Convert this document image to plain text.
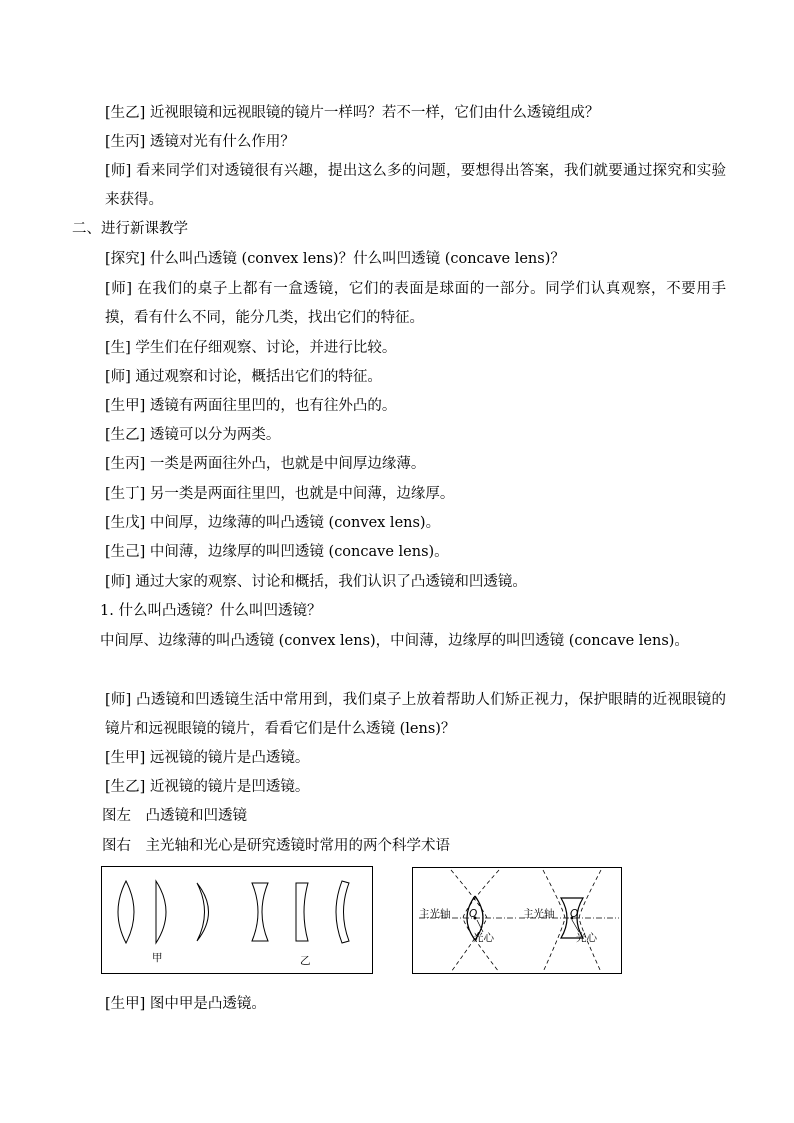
[生乙] 近视眼镜和远视眼镜的镜片一样吗？若不一样，它们由什么透镜组成？
[生丙] 透镜对光有什么作用？
[师] 看来同学们对透镜很有兴趣，提出这么多的问题，要想得出答案，我们就要通过探究和实验来获得。
二、进行新课教学
[探究] 什么叫凸透镜 (convex lens)？什么叫凹透镜 (concave lens)？
[师] 在我们的桌子上都有一盒透镜，它们的表面是球面的一部分。同学们认真观察，不要用手摸，看有什么不同，能分几类，找出它们的特征。
[生] 学生们在仔细观察、讨论，并进行比较。
[师] 通过观察和讨论，概括出它们的特征。
[生甲] 透镜有两面往里凹的，也有往外凸的。
[生乙] 透镜可以分为两类。
[生丙] 一类是两面往外凸，也就是中间厚边缘薄。
[生丁] 另一类是两面往里凹，也就是中间薄，边缘厚。
[生戊] 中间厚，边缘薄的叫凸透镜 (convex lens)。
[生己] 中间薄，边缘厚的叫凹透镜 (concave lens)。
[师] 通过大家的观察、讨论和概括，我们认识了凸透镜和凹透镜。
1. 什么叫凸透镜？什么叫凹透镜？
中间厚、边缘薄的叫凸透镜 (convex lens)，中间薄，边缘厚的叫凹透镜 (concave lens)。
[师] 凸透镜和凹透镜生活中常用到，我们桌子上放着帮助人们矫正视力，保护眼睛的近视眼镜的镜片和远视眼镜的镜片，看看它们是什么透镜 (lens)？
[生甲] 远视镜的镜片是凸透镜。
[生乙] 近视镜的镜片是凹透镜。
图左　凸透镜和凹透镜
图右　主光轴和光心是研究透镜时常用的两个科学术语
甲	乙
主光轴 O
光心
主光轴 O
光心
[生甲] 图中甲是凸透镜。
